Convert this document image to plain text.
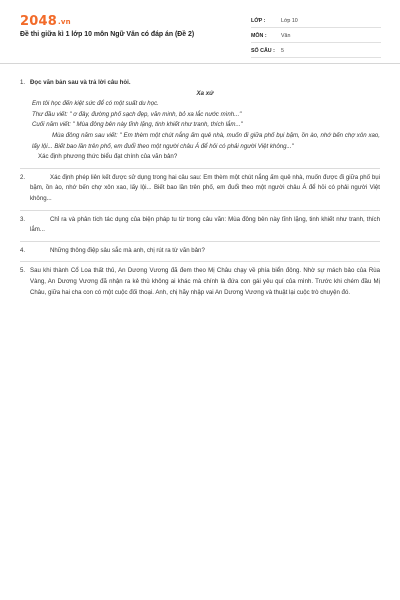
2048.vn
Đề thi giữa kì 1 lớp 10 môn Ngữ Văn có đáp án (Đề 2)
LỚP :	Lớp 10
MÔN :	Văn
SỐ CÂU :	5
1. Đọc văn bản sau và trả lời câu hỏi.
Xa xứ
Em tôi học đến kiệt sức để có một suất du học.
Thư đầu viết: " ơ đây, đường phố sạch đẹp, văn minh, bỏ xa lắc nước mình..."
Cuối năm viết: " Mùa đông bên này tĩnh lặng, tinh khiết như tranh, thích lắm..."
Mùa đông năm sau viết: " Em thèm một chút nắng ấm quê nhà, muốn đi giữa phố bụi bặm, ồn ào, nhớ bến chợ xôn xao, lấy lội... Biết bao lần trên phố, em đuổi theo một người châu Á để hỏi có phải người Việt không..."
Xác định phương thức biểu đạt chính của văn bản?
2.	Xác định phép liên kết được sử dụng trong hai câu sau: Em thèm một chút nắng ấm quê nhà, muốn được đi giữa phố bụi bặm, ồn ào, nhớ bến chợ xôn xao, lấy lội... Biết bao lần trên phố, em đuổi theo một người châu Á để hỏi có phải người Việt không...
3.	Chỉ ra và phân tích tác dụng của biện pháp tu từ trong câu văn: Mùa đông bên này tĩnh lặng, tinh khiết như tranh, thích lắm...
4.	Những thông điệp sâu sắc mà anh, chị rút ra từ văn bản?
5. Sau khi thành Cổ Loa thất thủ, An Dương Vương đã đem theo Mị Châu chạy về phía biển đông. Nhờ sự mách bảo của Rùa Vàng, An Dương Vương đã nhận ra kẻ thù không ai khác mà chính là đứa con gái yêu quí của mình. Trước khi chém đầu Mị Châu, giữa hai cha con có một cuộc đối thoại. Anh, chị hãy nhập vai An Dương Vương và thuật lại cuộc trò chuyện đó.
